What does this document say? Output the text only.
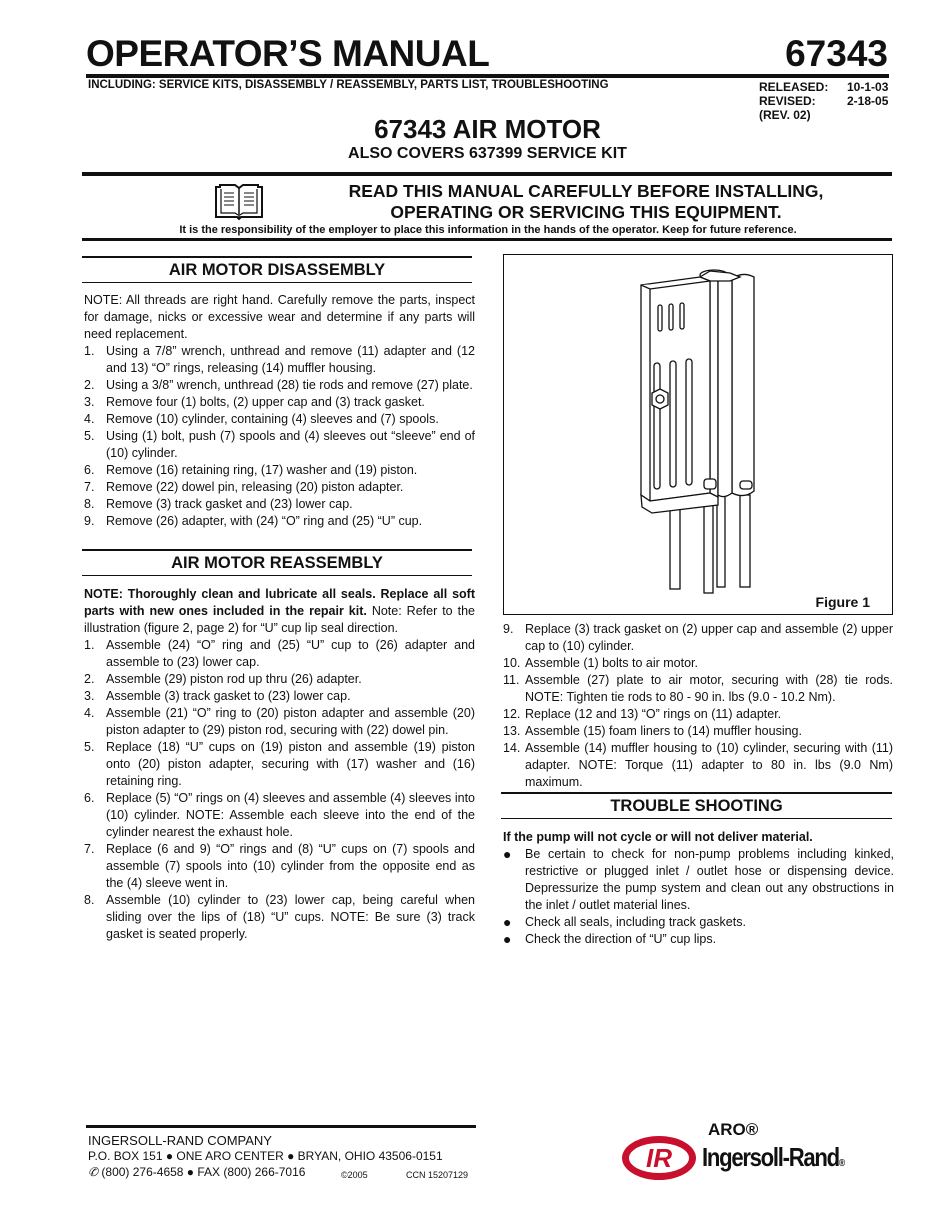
OPERATOR’S MANUAL	67343
INCLUDING: SERVICE KITS, DISASSEMBLY / REASSEMBLY, PARTS LIST, TROUBLESHOOTING	RELEASED:	10-1-03
REVISED:	2-18-05
(REV. 02)
67343 AIR MOTOR
ALSO COVERS 637399 SERVICE KIT
READ THIS MANUAL CAREFULLY BEFORE INSTALLING,
OPERATING OR SERVICING THIS EQUIPMENT.
It is the responsibility of the employer to place this information in the hands of the operator. Keep for future reference.
AIR MOTOR DISASSEMBLY

NOTE: All threads are right hand. Carefully remove the parts, inspect for damage, nicks or excessive wear and determine if any parts will need replacement.

1. Using a 7/8” wrench, unthread and remove (11) adapter and (12 and 13) “O” rings, releasing (14) muffler housing.
2. Using a 3/8” wrench, unthread (28) tie rods and remove (27) plate.
3. Remove four (1) bolts, (2) upper cap and (3) track gasket.
4. Remove (10) cylinder, containing (4) sleeves and (7) spools.
5. Using (1) bolt, push (7) spools and (4) sleeves out “sleeve” end of (10) cylinder.
6. Remove (16) retaining ring, (17) washer and (19) piston.
7. Remove (22) dowel pin, releasing (20) piston adapter.
8. Remove (3) track gasket and (23) lower cap.
9. Remove (26) adapter, with (24) “O” ring and (25) “U” cup.
AIR MOTOR REASSEMBLY

NOTE: Thoroughly clean and lubricate all seals. Replace all soft parts with new ones included in the repair kit. Note: Refer to the illustration (figure 2, page 2) for “U” cup lip seal direction.

1. Assemble (24) “O” ring and (25) “U” cup to (26) adapter and assemble to (23) lower cap.
2. Assemble (29) piston rod up thru (26) adapter.
3. Assemble (3) track gasket to (23) lower cap.
4. Assemble (21) “O” ring to (20) piston adapter and assemble (20) piston adapter to (29) piston rod, securing with (22) dowel pin.
5. Replace (18) “U” cups on (19) piston and assemble (19) piston onto (20) piston adapter, securing with (17) washer and (16) retaining ring.
6. Replace (5) “O” rings on (4) sleeves and assemble (4) sleeves into (10) cylinder. NOTE: Assemble each sleeve into the end of the cylinder nearest the exhaust hole.
7. Replace (6 and 9) “O” rings and (8) “U” cups on (7) spools and assemble (7) spools into (10) cylinder from the opposite end as the (4) sleeve went in.
8. Assemble (10) cylinder to (23) lower cap, being careful when sliding over the lips of (18) “U” cups. NOTE: Be sure (3) track gasket is seated properly.
Figure 1
9. Replace (3) track gasket on (2) upper cap and assemble (2) upper cap to (10) cylinder.
10. Assemble (1) bolts to air motor.
11. Assemble (27) plate to air motor, securing with (28) tie rods. NOTE: Tighten tie rods to 80 - 90 in. lbs (9.0 - 10.2 Nm).
12. Replace (12 and 13) “O” rings on (11) adapter.
13. Assemble (15) foam liners to (14) muffler housing.
14. Assemble (14) muffler housing to (10) cylinder, securing with (11) adapter. NOTE: Torque (11) adapter to 80 in. lbs (9.0 Nm) maximum.
TROUBLE SHOOTING

If the pump will not cycle or will not deliver material.

●	Be certain to check for non-pump problems including kinked, restrictive or plugged inlet / outlet hose or dispensing device. Depressurize the pump system and clean out any obstructions in the inlet / outlet material lines.
●	Check all seals, including track gaskets.
●	Check the direction of “U” cup lips.
INGERSOLL-RAND COMPANY
P.O. BOX 151 ● ONE ARO CENTER ● BRYAN, OHIO 43506-0151
✆ (800) 276-4658 ● FAX (800) 266-7016	©2005	CCN 15207129
ARO®
IR Ingersoll-Rand®
